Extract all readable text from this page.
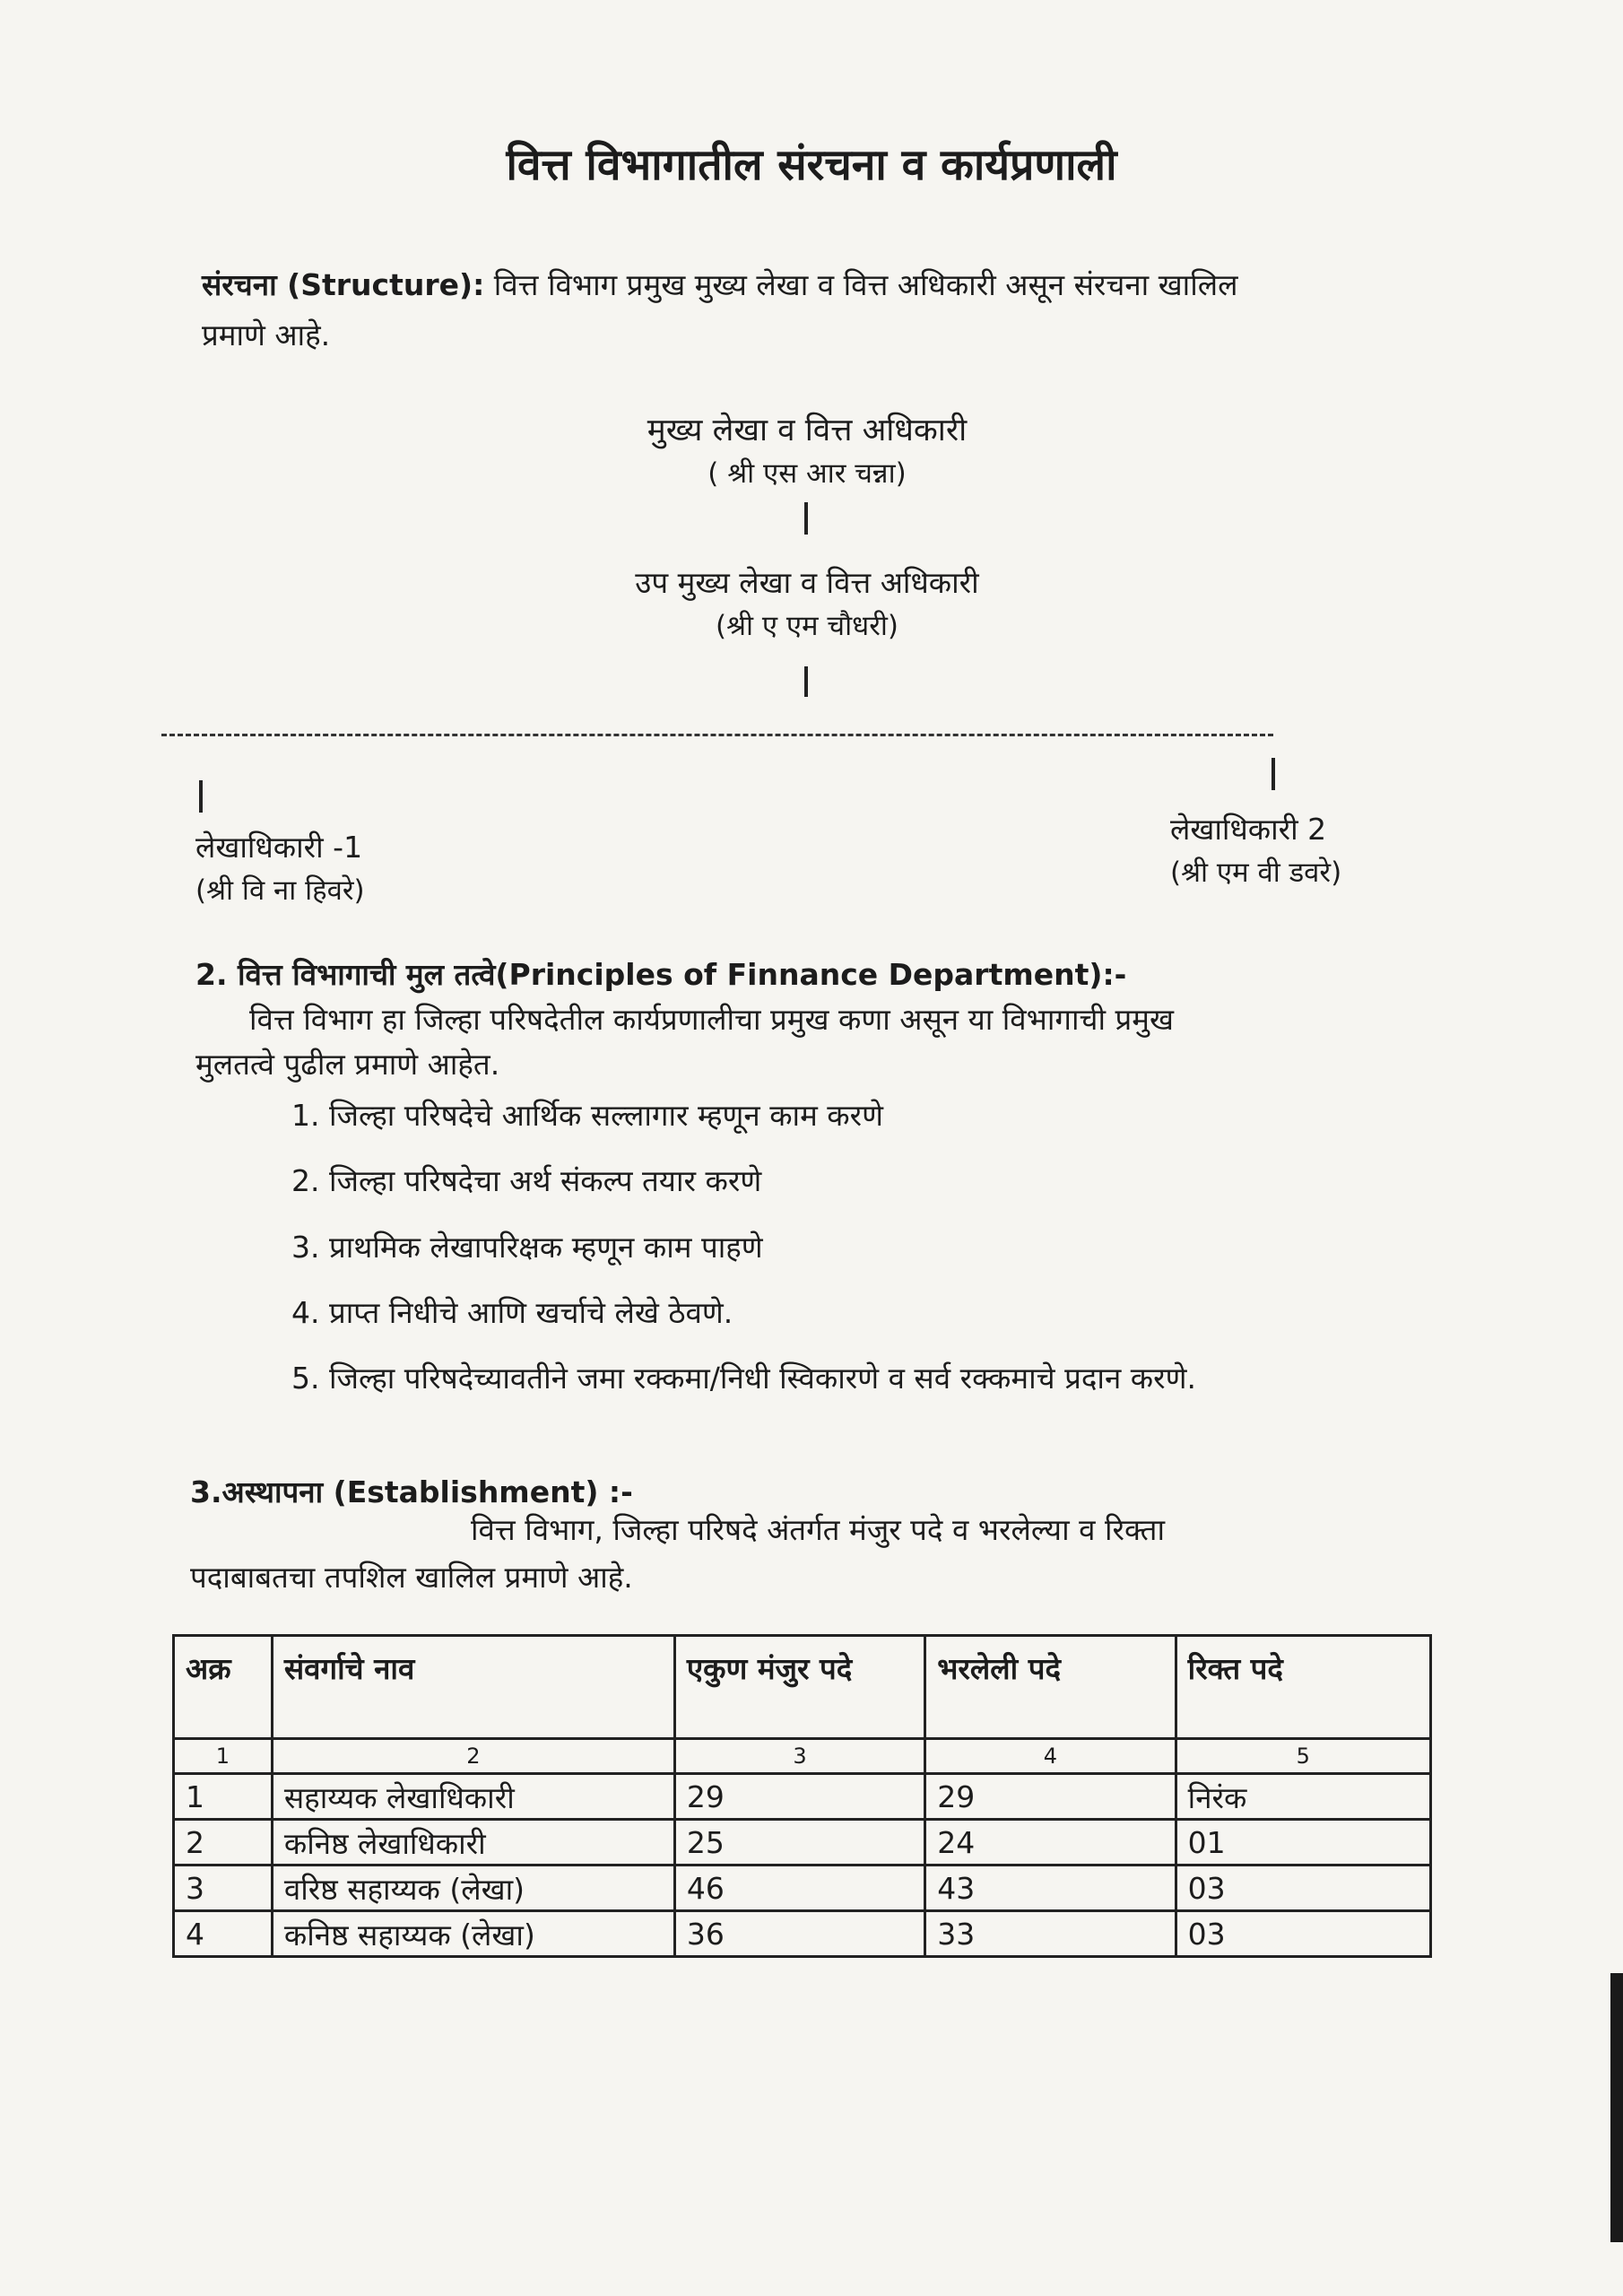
वित्त विभागातील संरचना व कार्यप्रणाली
संरचना (Structure): वित्त विभाग प्रमुख मुख्य लेखा व वित्त अधिकारी असून संरचना खालिल
प्रमाणे आहे.
मुख्य लेखा व वित्त अधिकारी
( श्री एस आर चन्ना)
उप मुख्य लेखा व वित्त अधिकारी
(श्री ए एम चौधरी)
लेखाधिकारी -1
(श्री वि ना हिवरे)
लेखाधिकारी 2
(श्री एम वी डवरे)
2. वित्त विभागाची मुल तत्वे(Principles of Finnance Department):-
वित्त विभाग हा जिल्हा परिषदेतील कार्यप्रणालीचा प्रमुख कणा असून या विभागाची प्रमुख
मुलतत्वे पुढील प्रमाणे आहेत.
1. जिल्हा परिषदेचे आर्थिक सल्लागार म्हणून काम करणे
2. जिल्हा परिषदेचा अर्थ संकल्प तयार करणे
3. प्राथमिक लेखापरिक्षक म्हणून काम पाहणे
4. प्राप्त निधीचे आणि खर्चाचे लेखे ठेवणे.
5. जिल्हा परिषदेच्यावतीने जमा रक्कमा/निधी स्विकारणे व सर्व रक्कमाचे प्रदान करणे.
3.अस्थापना (Establishment) :-
वित्त विभाग, जिल्हा परिषदे अंतर्गत मंजुर पदे व भरलेल्या व रिक्ता
पदाबाबतचा तपशिल खालिल प्रमाणे आहे.
अक्र	संवर्गाचे नाव	एकुण मंजुर पदे	भरलेली पदे	रिक्त पदे
1	2	3	4	5
1	सहाय्यक लेखाधिकारी	29	29	निरंक
2	कनिष्ठ लेखाधिकारी	25	24	01
3	वरिष्ठ सहाय्यक (लेखा)	46	43	03
4	कनिष्ठ सहाय्यक (लेखा)	36	33	03
